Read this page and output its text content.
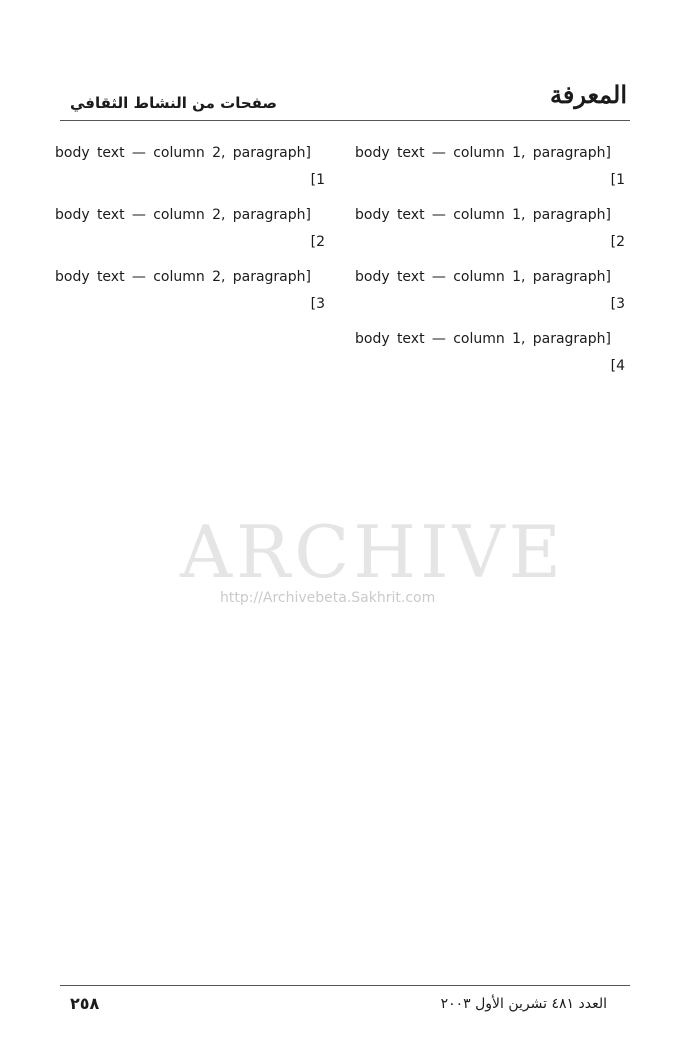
المعرفة
صفحات من النشاط الثقافي

[body text — column 1, paragraph 1]

[body text — column 1, paragraph 2]

[body text — column 1, paragraph 3]

[body text — column 1, paragraph 4]

[body text — column 2, paragraph 1]

[body text — column 2, paragraph 2]

[body text — column 2, paragraph 3]

ARCHIVE
http://Archivebeta.Sakhrit.com
العدد ٤٨١ تشرين الأول ٢٠٠٣
٢٥٨
